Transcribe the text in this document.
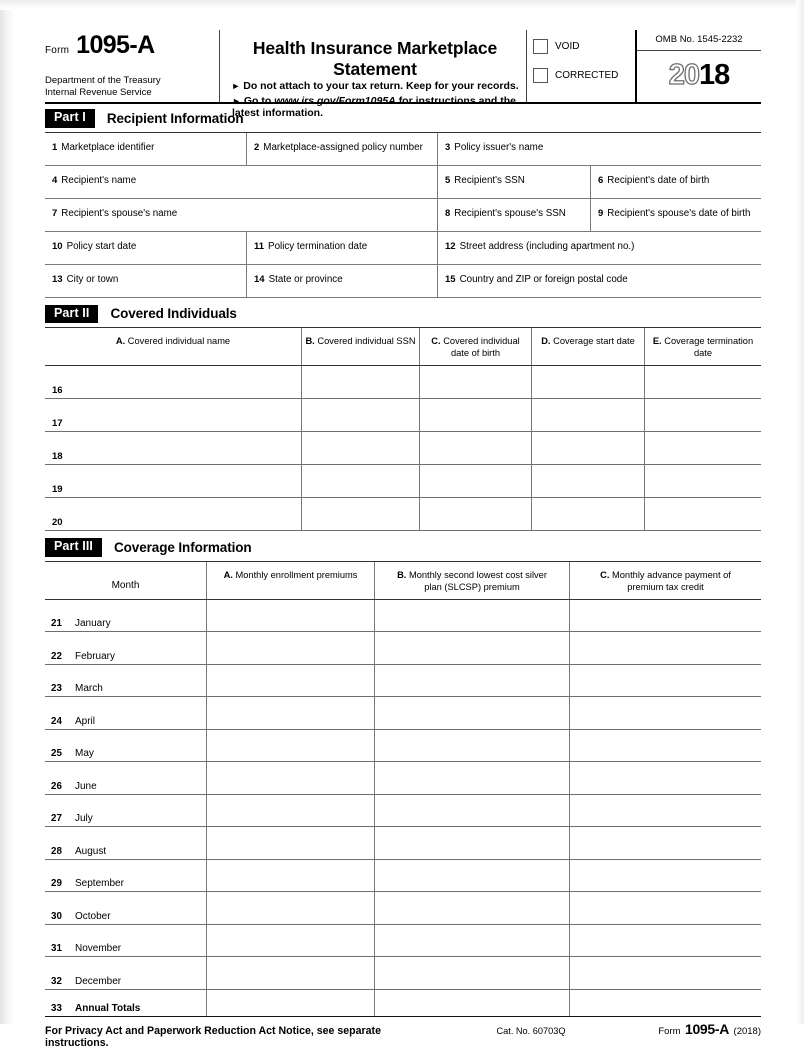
Form 1095-A
Department of the Treasury
Internal Revenue Service
Health Insurance Marketplace Statement
► Do not attach to your tax return. Keep for your records.
► Go to www.irs.gov/Form1095A for instructions and the latest information.
VOID
CORRECTED
OMB No. 1545-2232
2018
Part I	Recipient Information
1 Marketplace identifier	2 Marketplace-assigned policy number	3 Policy issuer's name
4 Recipient's name	5 Recipient's SSN	6 Recipient's date of birth
7 Recipient's spouse's name	8 Recipient's spouse's SSN	9 Recipient's spouse's date of birth
10 Policy start date	11 Policy termination date	12 Street address (including apartment no.)
13 City or town	14 State or province	15 Country and ZIP or foreign postal code
Part II	Covered Individuals
A. Covered individual name	B. Covered individual SSN	C. Covered individual
date of birth
D. Coverage start date	E. Coverage termination date
16
17
18
19
20
Part III	Coverage Information
Month
A. Monthly enrollment premiums	B. Monthly second lowest cost silver
plan (SLCSP) premium
C. Monthly advance payment of
premium tax credit
21 January
22 February
23 March
24 April
25 May
26 June
27 July
28 August
29 September
30 October
31 November
32 December
33 Annual Totals
For Privacy Act and Paperwork Reduction Act Notice, see separate instructions.
Cat. No. 60703Q	Form 1095-A (2018)
